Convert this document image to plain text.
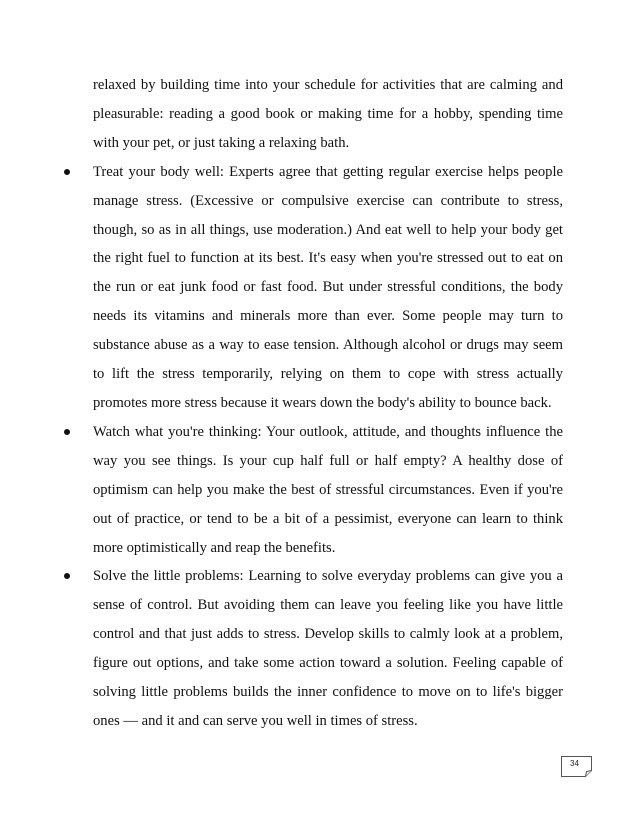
relaxed by building time into your schedule for activities that are calming and pleasurable: reading a good book or making time for a hobby, spending time with your pet, or just taking a relaxing bath.

Treat your body well: Experts agree that getting regular exercise helps people manage stress. (Excessive or compulsive exercise can contribute to stress, though, so as in all things, use moderation.) And eat well to help your body get the right fuel to function at its best. It's easy when you're stressed out to eat on the run or eat junk food or fast food. But under stressful conditions, the body needs its vitamins and minerals more than ever. Some people may turn to substance abuse as a way to ease tension. Although alcohol or drugs may seem to lift the stress temporarily, relying on them to cope with stress actually promotes more stress because it wears down the body's ability to bounce back.
Watch what you're thinking: Your outlook, attitude, and thoughts influence the way you see things. Is your cup half full or half empty? A healthy dose of optimism can help you make the best of stressful circumstances. Even if you're out of practice, or tend to be a bit of a pessimist, everyone can learn to think more optimistically and reap the benefits.
Solve the little problems: Learning to solve everyday problems can give you a sense of control. But avoiding them can leave you feeling like you have little control and that just adds to stress. Develop skills to calmly look at a problem, figure out options, and take some action toward a solution. Feeling capable of solving little problems builds the inner confidence to move on to life's bigger ones — and it and can serve you well in times of stress.
34
